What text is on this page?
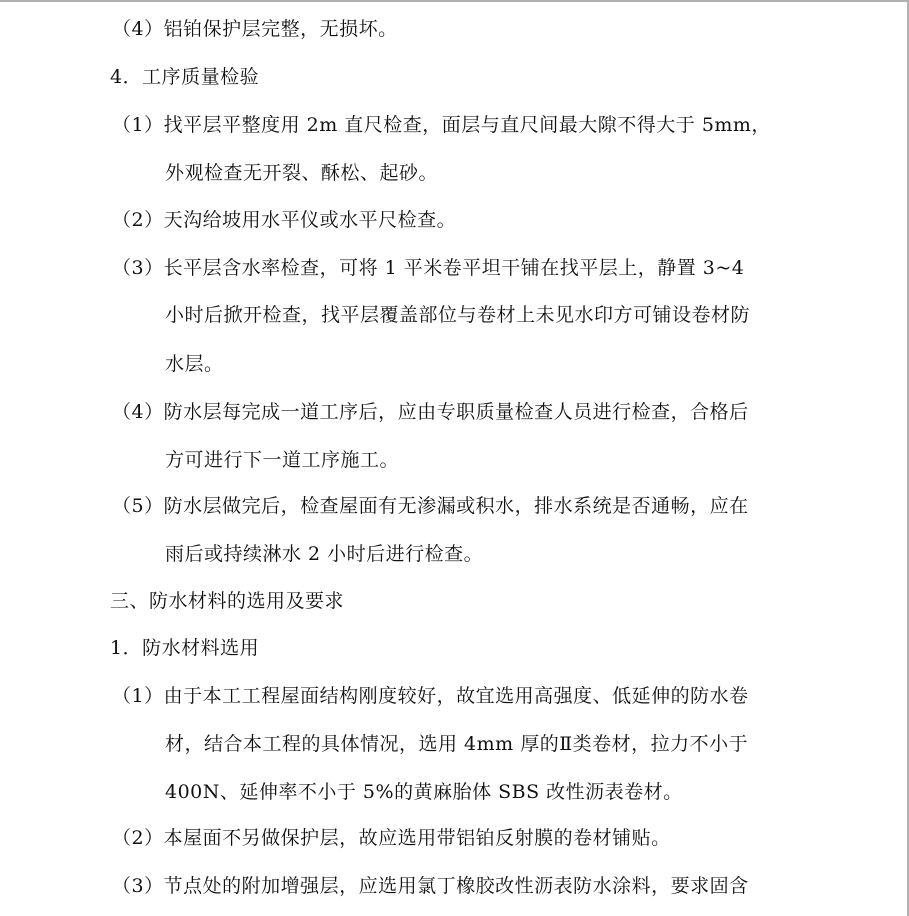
（4）铝铂保护层完整，无损坏。
4．工序质量检验
（1）找平层平整度用 2m 直尺检查，面层与直尺间最大隙不得大于 5mm，
外观检查无开裂、酥松、起砂。
（2）天沟给坡用水平仪或水平尺检查。
（3）长平层含水率检查，可将 1 平米卷平坦干铺在找平层上，静置 3~4
小时后掀开检查，找平层覆盖部位与卷材上未见水印方可铺设卷材防
水层。
（4）防水层每完成一道工序后，应由专职质量检查人员进行检查，合格后
方可进行下一道工序施工。
（5）防水层做完后，检查屋面有无渗漏或积水，排水系统是否通畅，应在
雨后或持续淋水 2 小时后进行检查。
三、防水材料的选用及要求
1．防水材料选用
（1）由于本工工程屋面结构刚度较好，故宜选用高强度、低延伸的防水卷
材，结合本工程的具体情况，选用 4mm 厚的Ⅱ类卷材，拉力不小于
400N、延伸率不小于 5%的黄麻胎体 SBS 改性沥表卷材。
（2）本屋面不另做保护层，故应选用带铝铂反射膜的卷材铺贴。
（3）节点处的附加增强层，应选用氯丁橡胶改性沥表防水涂料，要求固含
